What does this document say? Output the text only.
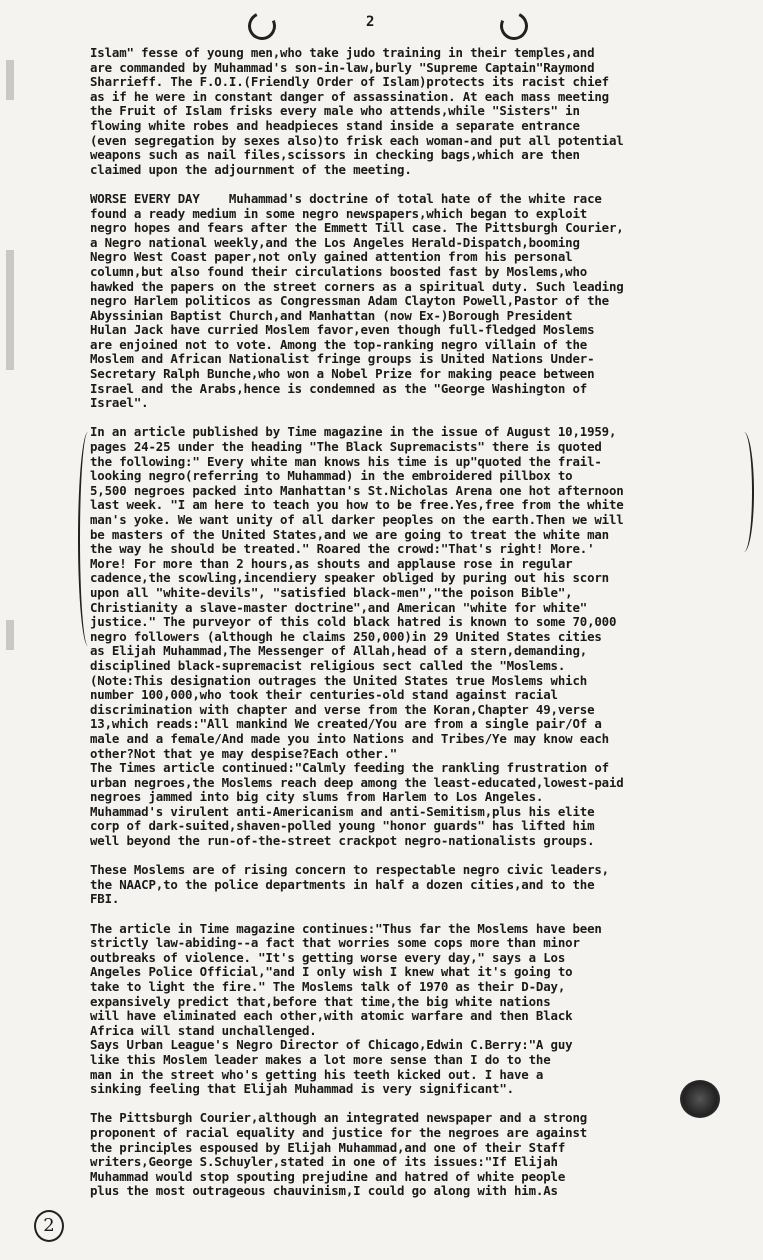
2
Islam" fesse of young men,who take judo training in their temples,and
are commanded by Muhammad's son-in-law,burly "Supreme Captain"Raymond
Sharrieff. The F.O.I.(Friendly Order of Islam)protects its racist chief
as if he were in constant danger of assassination. At each mass meeting
the Fruit of Islam frisks every male who attends,while "Sisters" in
flowing white robes and headpieces stand inside a separate entrance
(even segregation by sexes also)to frisk each woman-and put all potential
weapons such as nail files,scissors in checking bags,which are then
claimed upon the adjournment of the meeting.
WORSE EVERY DAY    Muhammad's doctrine of total hate of the white race
found a ready medium in some negro newspapers,which began to exploit
negro hopes and fears after the Emmett Till case. The Pittsburgh Courier,
a Negro national weekly,and the Los Angeles Herald-Dispatch,booming
Negro West Coast paper,not only gained attention from his personal
column,but also found their circulations boosted fast by Moslems,who
hawked the papers on the street corners as a spiritual duty. Such leading
negro Harlem politicos as Congressman Adam Clayton Powell,Pastor of the
Abyssinian Baptist Church,and Manhattan (now Ex-)Borough President
Hulan Jack have curried Moslem favor,even though full-fledged Moslems
are enjoined not to vote. Among the top-ranking negro villain of the
Moslem and African Nationalist fringe groups is United Nations Under-
Secretary Ralph Bunche,who won a Nobel Prize for making peace between
Israel and the Arabs,hence is condemned as the "George Washington of
Israel".
In an article published by Time magazine in the issue of August 10,1959,
pages 24-25 under the heading "The Black Supremacists" there is quoted
the following:" Every white man knows his time is up"quoted the frail-
looking negro(referring to Muhammad) in the embroidered pillbox to
5,500 negroes packed into Manhattan's St.Nicholas Arena one hot afternoon
last week. "I am here to teach you how to be free.Yes,free from the white
man's yoke. We want unity of all darker peoples on the earth.Then we will
be masters of the United States,and we are going to treat the white man
the way he should be treated." Roared the crowd:"That's right! More.'
More! For more than 2 hours,as shouts and applause rose in regular
cadence,the scowling,incendiery speaker obliged by puring out his scorn
upon all "white-devils", "satisfied black-men","the poison Bible",
Christianity a slave-master doctrine",and American "white for white"
justice." The purveyor of this cold black hatred is known to some 70,000
negro followers (although he claims 250,000)in 29 United States cities
as Elijah Muhammad,The Messenger of Allah,head of a stern,demanding,
disciplined black-supremacist religious sect called the "Moslems.
(Note:This designation outrages the United States true Moslems which
number 100,000,who took their centuries-old stand against racial
discrimination with chapter and verse from the Koran,Chapter 49,verse
13,which reads:"All mankind We created/You are from a single pair/Of a
male and a female/And made you into Nations and Tribes/Ye may know each
other?Not that ye may despise?Each other."
The Times article continued:"Calmly feeding the rankling frustration of
urban negroes,the Moslems reach deep among the least-educated,lowest-paid
negroes jammed into big city slums from Harlem to Los Angeles.
Muhammad's virulent anti-Americanism and anti-Semitism,plus his elite
corp of dark-suited,shaven-polled young "honor guards" has lifted him
well beyond the run-of-the-street crackpot negro-nationalists groups.
These Moslems are of rising concern to respectable negro civic leaders,
the NAACP,to the police departments in half a dozen cities,and to the
FBI.
The article in Time magazine continues:"Thus far the Moslems have been
strictly law-abiding--a fact that worries some cops more than minor
outbreaks of violence. "It's getting worse every day," says a Los
Angeles Police Official,"and I only wish I knew what it's going to
take to light the fire." The Moslems talk of 1970 as their D-Day,
expansively predict that,before that time,the big white nations
will have eliminated each other,with atomic warfare and then Black
Africa will stand unchallenged.
Says Urban League's Negro Director of Chicago,Edwin C.Berry:"A guy
like this Moslem leader makes a lot more sense than I do to the
man in the street who's getting his teeth kicked out. I have a
sinking feeling that Elijah Muhammad is very significant".
The Pittsburgh Courier,although an integrated newspaper and a strong
proponent of racial equality and justice for the negroes are against
the principles espoused by Elijah Muhammad,and one of their Staff
writers,George S.Schuyler,stated in one of its issues:"If Elijah
Muhammad would stop spouting prejudine and hatred of white people
plus the most outrageous chauvinism,I could go along with him.As
2
